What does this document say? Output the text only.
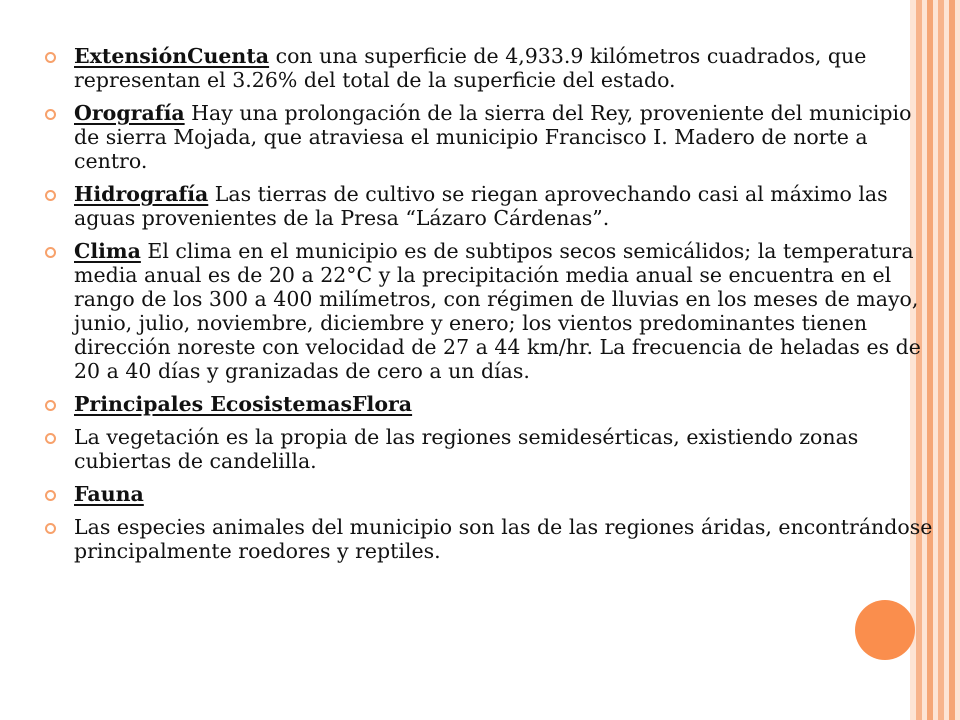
ExtensiónCuenta con una superficie de 4,933.9 kilómetros cuadrados, que representan el 3.26% del total de la superficie del estado.
Orografía Hay una prolongación de la sierra del Rey, proveniente del municipio de sierra Mojada, que atraviesa el municipio Francisco I. Madero de norte a centro.
Hidrografía Las tierras de cultivo se riegan aprovechando casi al máximo las aguas provenientes de la Presa “Lázaro Cárdenas”.
Clima El clima en el municipio es de subtipos secos semicálidos; la temperatura media anual es de 20 a 22°C y la precipitación media anual se encuentra en el rango de los 300 a 400 milímetros, con régimen de lluvias en los meses de mayo, junio, julio, noviembre, diciembre y enero; los vientos predominantes tienen dirección noreste con velocidad de 27 a 44 km/hr. La frecuencia de heladas es de 20 a 40 días y granizadas de cero a un días.
Principales EcosistemasFlora
La vegetación es la propia de las regiones semidesérticas, existiendo zonas cubiertas de candelilla.
Fauna
Las especies animales del municipio son las de las regiones áridas, encontrándose principalmente roedores y reptiles.
